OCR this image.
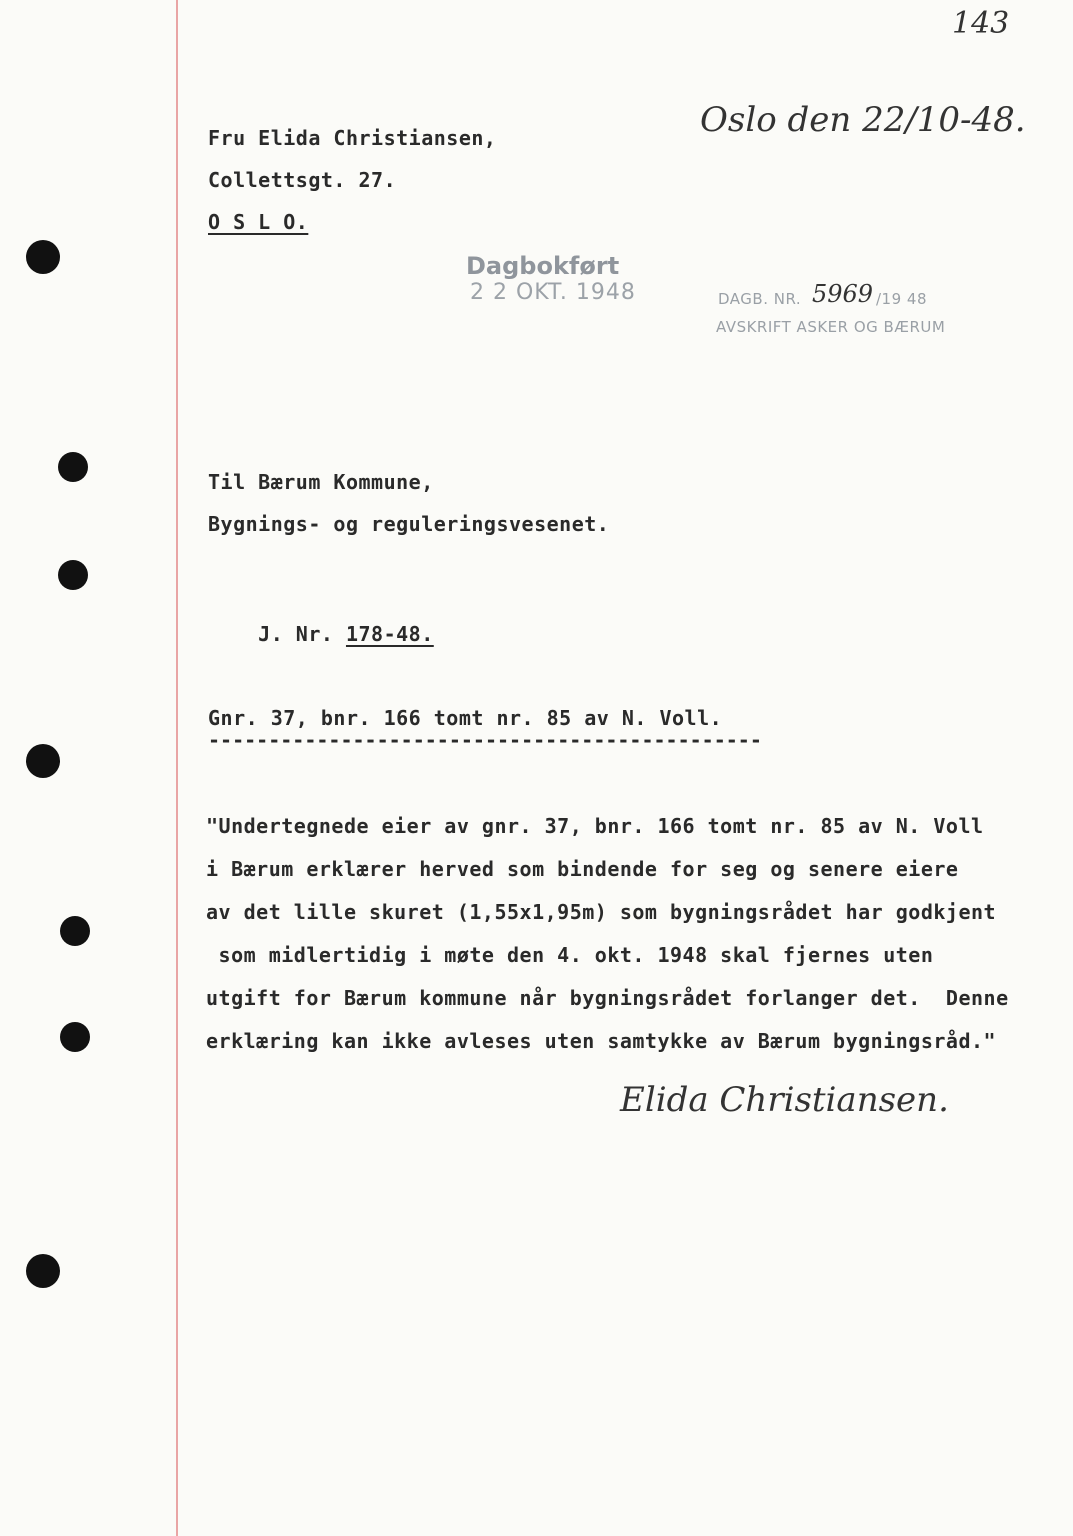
143
Fru Elida Christiansen,
Collettsgt. 27.
O S L O.
Oslo den 22/10-48.
Dagbokført
2 2 OKT. 1948	DAGB. NR. 5969 /19 48
AVSKRIFT ASKER OG BÆRUM
Til Bærum Kommune,
Bygnings- og reguleringsvesenet.

J. Nr. 178-48.

Gnr. 37, bnr. 166 tomt nr. 85 av N. Voll.
----------------------------------------------
"Undertegnede eier av gnr. 37, bnr. 166 tomt nr. 85 av N. Voll
i Bærum erklærer herved som bindende for seg og senere eiere
av det lille skuret (1,55x1,95m) som bygningsrådet har godkjent
som midlertidig i møte den 4. okt. 1948 skal fjernes uten
utgift for Bærum kommune når bygningsrådet forlanger det.  Denne
erklæring kan ikke avleses uten samtykke av Bærum bygningsråd."
Elida Christiansen.
